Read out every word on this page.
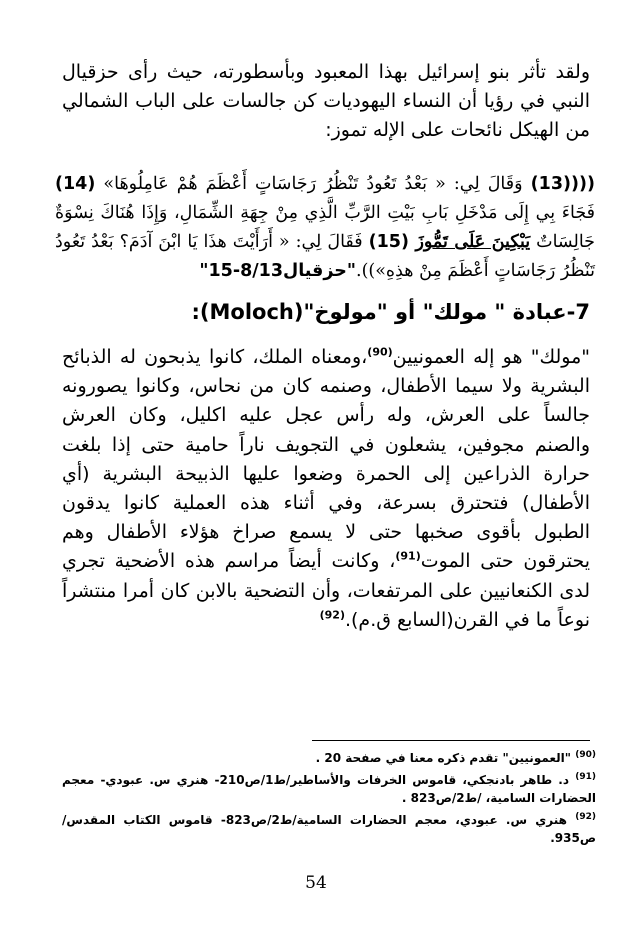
ولقد تأثر بنو إسرائيل بهذا المعبود وبأسطورته، حيث رأى حزقيال النبي في رؤيا أن النساء اليهوديات كن جالسات على الباب الشمالي من الهيكل نائحات على الإله تموز:
((((13) وَقَالَ لِي: « بَعْدُ تَعُودُ تَنْظُرُ رَجَاسَاتٍ أَعْظَمَ هُمْ عَامِلُوهَا» (14) فَجَاءَ بِي إِلَى مَدْخَلِ بَابِ بَيْتِ الرَّبِّ الَّذِي مِنْ جِهَةِ الشِّمَالِ، وَإِذَا هُنَاكَ نِسْوَةٌ جَالِسَاتٌ يَبْكِينَ عَلَى تَمُّوزَ (15) فَقَالَ لِي: « أَرَأَيْتَ هذَا يَا ابْنَ آدَمَ؟ بَعْدُ تَعُودُ تَنْظُرُ رَجَاسَاتٍ أَعْظَمَ مِنْ هذِهِ»))."حزقيال8/13-15"
7-عبادة " مولك" أو "مولوخ"(Moloch):
"مولك" هو إله العمونيين$^{(90)}$،ومعناه الملك، كانوا يذبحون له الذبائح البشرية ولا سيما الأطفال، وصنمه كان من نحاس، وكانوا يصورونه جالساً على العرش، وله رأس عجل عليه اكليل، وكان العرش والصنم مجوفين، يشعلون في التجويف ناراً حامية حتى إذا بلغت حرارة الذراعين إلى الحمرة وضعوا عليها الذبيحة البشرية (أي الأطفال) فتحترق بسرعة، وفي أثناء هذه العملية كانوا يدقون الطبول بأقوى صخبها حتى لا يسمع صراخ هؤلاء الأطفال وهم يحترقون حتى الموت$^{(91)}$، وكانت أيضاً مراسم هذه الأضحية تجري لدى الكنعانيين على المرتفعات، وأن التضحية بالابن كان أمرا منتشراً نوعاً ما في القرن(السابع ق.م).$^{(92)}$

$^{(90)}$ "العمونيين" تقدم ذكره معنا في صفحة 20 .

$^{(91)}$ د. طاهر بادنجكي، قاموس الخرفات والأساطير/ط1/ص210- هنري س. عبودي- معجم الحضارات السامية، /ط2/ص823 .

$^{(92)}$ هنري س. عبودي، معجم الحضارات السامية/ط2/ص823- قاموس الكتاب المقدس/ص935.

54
